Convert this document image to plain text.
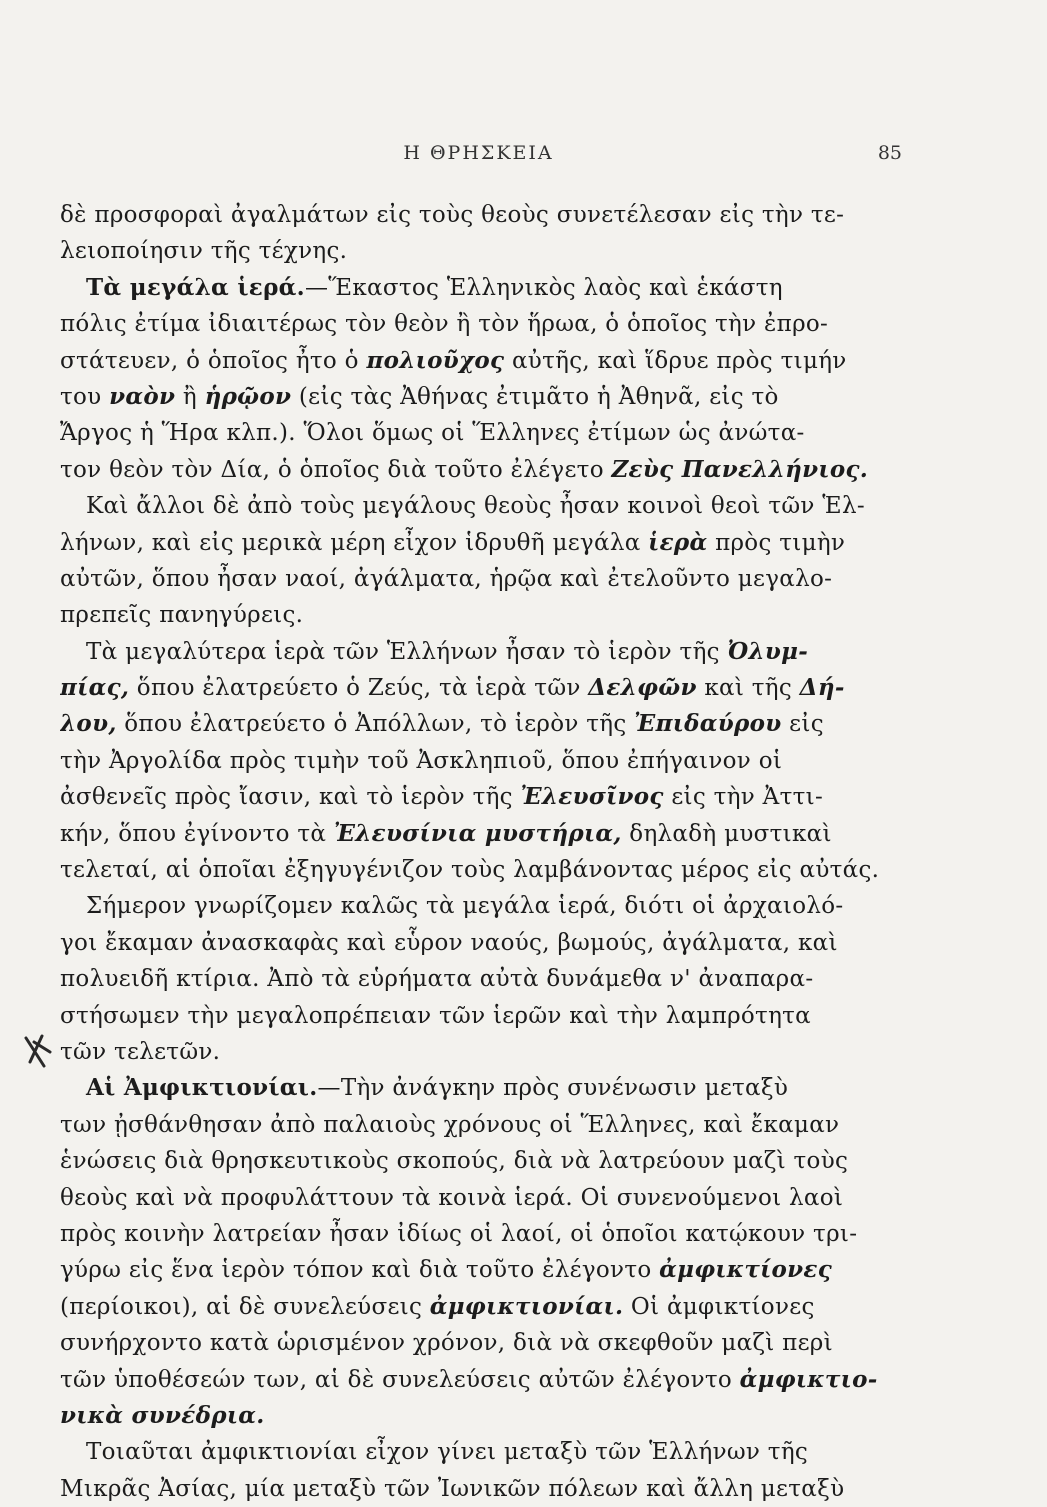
Η ΘΡΗΣΚΕΙΑ	85
δὲ προσφοραὶ ἀγαλμάτων εἰς τοὺς θεοὺς συνετέλεσαν εἰς τὴν τε-
λειοποίησιν τῆς τέχνης.
Τὰ μεγάλα ἱερά.—Ἕκαστος Ἑλληνικὸς λαὸς καὶ ἑκάστη
πόλις ἐτίμα ἰδιαιτέρως τὸν θεὸν ἢ τὸν ἥρωα, ὁ ὁποῖος τὴν ἐπρο-
στάτευεν, ὁ ὁποῖος ἦτο ὁ πολιοῦχος αὐτῆς, καὶ ἵδρυε πρὸς τιμήν
του ναὸν ἢ ἡρῷον (εἰς τὰς Ἀθήνας ἐτιμᾶτο ἡ Ἀθηνᾶ, εἰς τὸ
Ἄργος ἡ Ἥρα κλπ.). Ὅλοι ὅμως οἱ Ἕλληνες ἐτίμων ὡς ἀνώτα-
τον θεὸν τὸν Δία, ὁ ὁποῖος διὰ τοῦτο ἐλέγετο Ζεὺς Πανελλήνιος.
Καὶ ἄλλοι δὲ ἀπὸ τοὺς μεγάλους θεοὺς ἦσαν κοινοὶ θεοὶ τῶν Ἑλ-
λήνων, καὶ εἰς μερικὰ μέρη εἶχον ἱδρυθῆ μεγάλα ἱερὰ πρὸς τιμὴν
αὐτῶν, ὅπου ἦσαν ναοί, ἀγάλματα, ἡρῷα καὶ ἐτελοῦντο μεγαλο-
πρεπεῖς πανηγύρεις.
Τὰ μεγαλύτερα ἱερὰ τῶν Ἑλλήνων ἦσαν τὸ ἱερὸν τῆς Ὀλυμ-
πίας, ὅπου ἐλατρεύετο ὁ Ζεύς, τὰ ἱερὰ τῶν Δελφῶν καὶ τῆς Δή-
λου, ὅπου ἐλατρεύετο ὁ Ἀπόλλων, τὸ ἱερὸν τῆς Ἐπιδαύρου εἰς
τὴν Ἀργολίδα πρὸς τιμὴν τοῦ Ἀσκληπιοῦ, ὅπου ἐπήγαινον οἱ
ἀσθενεῖς πρὸς ἴασιν, καὶ τὸ ἱερὸν τῆς Ἐλευσῖνος εἰς τὴν Ἀττι-
κήν, ὅπου ἐγίνοντο τὰ Ἐλευσίνια μυστήρια, δηλαδὴ μυστικαὶ
τελεταί, αἱ ὁποῖαι ἐξηγυγένιζον τοὺς λαμβάνοντας μέρος εἰς αὐτάς.
Σήμερον γνωρίζομεν καλῶς τὰ μεγάλα ἱερά, διότι οἱ ἀρχαιολό-
γοι ἔκαμαν ἀνασκαφὰς καὶ εὗρον ναούς, βωμούς, ἀγάλματα, καὶ
πολυειδῆ κτίρια. Ἀπὸ τὰ εὑρήματα αὐτὰ δυνάμεθα ν' ἀναπαρα-
στήσωμεν τὴν μεγαλοπρέπειαν τῶν ἱερῶν καὶ τὴν λαμπρότητα
τῶν τελετῶν.
Αἱ Ἀμφικτιονίαι.—Τὴν ἀνάγκην πρὸς συνένωσιν μεταξὺ
των ᾐσθάνθησαν ἀπὸ παλαιοὺς χρόνους οἱ Ἕλληνες, καὶ ἔκαμαν
ἑνώσεις διὰ θρησκευτικοὺς σκοπούς, διὰ νὰ λατρεύουν μαζὶ τοὺς
θεοὺς καὶ νὰ προφυλάττουν τὰ κοινὰ ἱερά. Οἱ συνενούμενοι λαοὶ
πρὸς κοινὴν λατρείαν ἦσαν ἰδίως οἱ λαοί, οἱ ὁποῖοι κατῴκουν τρι-
γύρω εἰς ἕνα ἱερὸν τόπον καὶ διὰ τοῦτο ἐλέγοντο ἀμφικτίονες
(περίοικοι), αἱ δὲ συνελεύσεις ἀμφικτιονίαι. Οἱ ἀμφικτίονες
συνήρχοντο κατὰ ὡρισμένον χρόνον, διὰ νὰ σκεφθοῦν μαζὶ περὶ
τῶν ὑποθέσεών των, αἱ δὲ συνελεύσεις αὐτῶν ἐλέγοντο ἀμφικτιο-
νικὰ συνέδρια.
Τοιαῦται ἀμφικτιονίαι εἶχον γίνει μεταξὺ τῶν Ἑλλήνων τῆς
Μικρᾶς Ἀσίας, μία μεταξὺ τῶν Ἰωνικῶν πόλεων καὶ ἄλλη μεταξὺ
